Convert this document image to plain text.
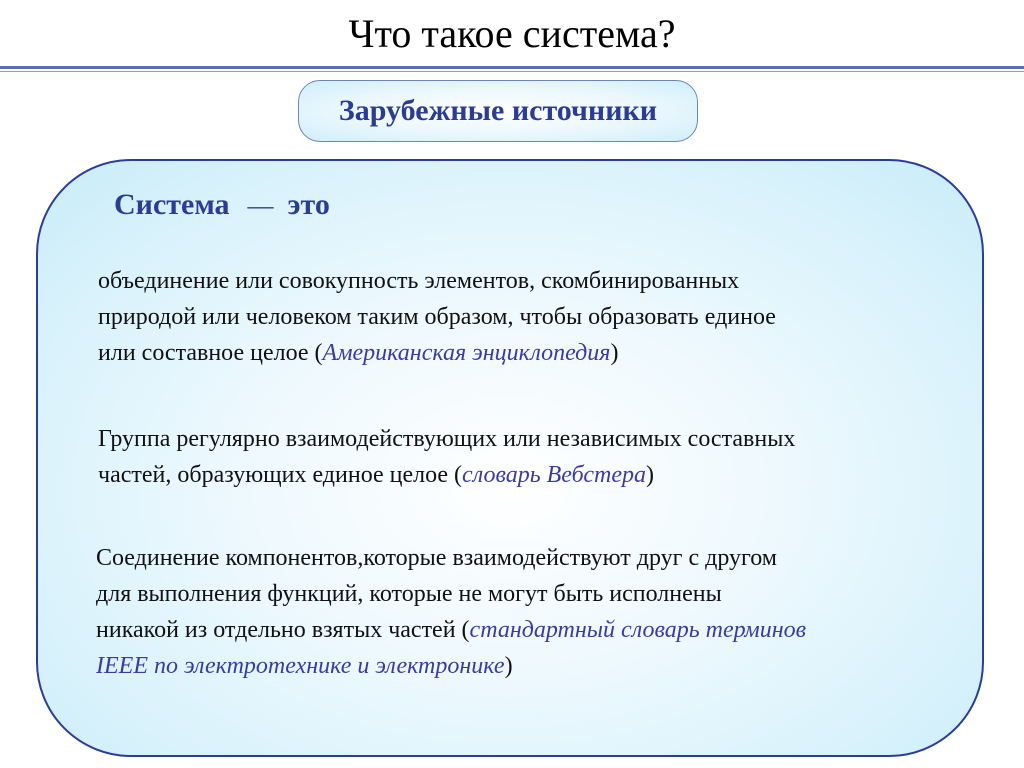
Что такое система?
Зарубежные источники
Система — это
объединение или совокупность элементов, скомбинированных
природой или человеком таким образом, чтобы образовать единое
или составное целое (Американская энциклопедия)
Группа регулярно взаимодействующих или независимых составных
частей, образующих единое целое (словарь Вебстера)
Соединение компонентов,которые взаимодействуют друг с другом
для выполнения функций, которые не могут быть исполнены
никакой из отдельно взятых частей (стандартный словарь терминов
IEEE по электротехнике и электронике)
